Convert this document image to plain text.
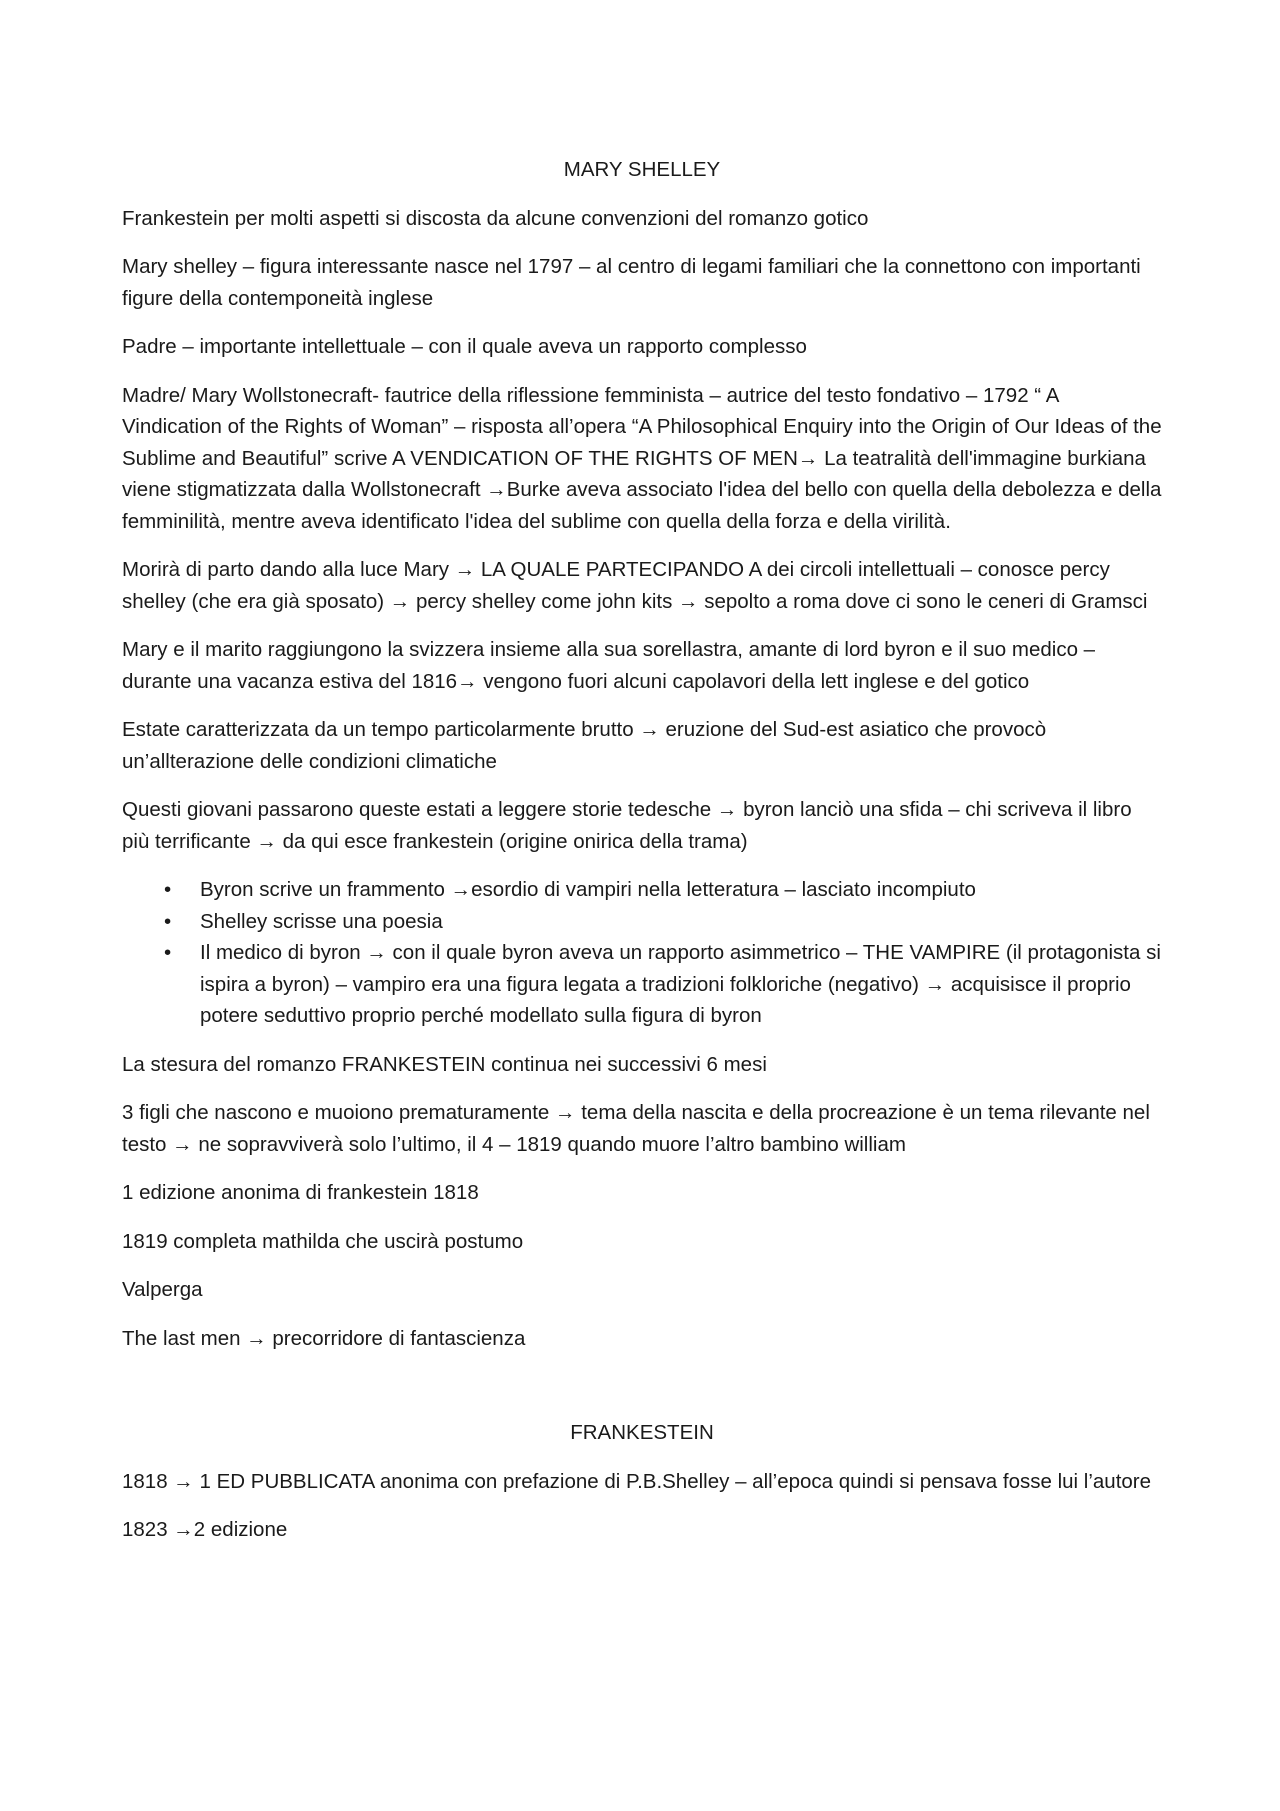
MARY SHELLEY

Frankestein per molti aspetti si discosta da alcune convenzioni del romanzo gotico

Mary shelley – figura interessante nasce nel 1797 – al centro di legami familiari che la connettono con importanti figure della contemponeità inglese

Padre – importante intellettuale – con il quale aveva un rapporto complesso

Madre/ Mary Wollstonecraft- fautrice della riflessione femminista – autrice del testo fondativo – 1792 “ A Vindication of the Rights of Woman” – risposta all’opera “A Philosophical Enquiry into the Origin of Our Ideas of the Sublime and Beautiful” scrive A VENDICATION OF THE RIGHTS OF MEN→ La teatralità dell'immagine burkiana viene stigmatizzata dalla Wollstonecraft →Burke aveva associato l'idea del bello con quella della debolezza e della femminilità, mentre aveva identificato l'idea del sublime con quella della forza e della virilità.

Morirà di parto dando alla luce Mary → LA QUALE PARTECIPANDO A dei circoli intellettuali – conosce percy shelley (che era già sposato) → percy shelley come john kits → sepolto a roma dove ci sono le ceneri di Gramsci

Mary e il marito raggiungono la svizzera insieme alla sua sorellastra, amante di lord byron e il suo medico – durante una vacanza estiva del 1816→ vengono fuori alcuni capolavori della lett inglese e del gotico

Estate caratterizzata da un tempo particolarmente brutto → eruzione del Sud-est asiatico che provocò un’allterazione delle condizioni climatiche

Questi giovani passarono queste estati a leggere storie tedesche → byron lanciò una sfida – chi scriveva il libro più terrificante → da qui esce frankestein (origine onirica della trama)

• Byron scrive un frammento →esordio di vampiri nella letteratura – lasciato incompiuto
• Shelley scrisse una poesia
• Il medico di byron → con il quale byron aveva un rapporto asimmetrico – THE VAMPIRE (il protagonista si ispira a byron) – vampiro era una figura legata a tradizioni folkloriche (negativo) → acquisisce il proprio potere seduttivo proprio perché modellato sulla figura di byron

La stesura del romanzo FRANKESTEIN continua nei successivi 6 mesi

3 figli che nascono e muoiono prematuramente → tema della nascita e della procreazione è un tema rilevante nel testo → ne sopravviverà solo l’ultimo, il 4 – 1819 quando muore l’altro bambino william

1 edizione anonima di frankestein 1818

1819 completa mathilda che uscirà postumo

Valperga

The last men → precorridore di fantascienza

FRANKESTEIN

1818 → 1 ED PUBBLICATA anonima con prefazione di P.B.Shelley – all’epoca quindi si pensava fosse lui l’autore

1823 →2 edizione
